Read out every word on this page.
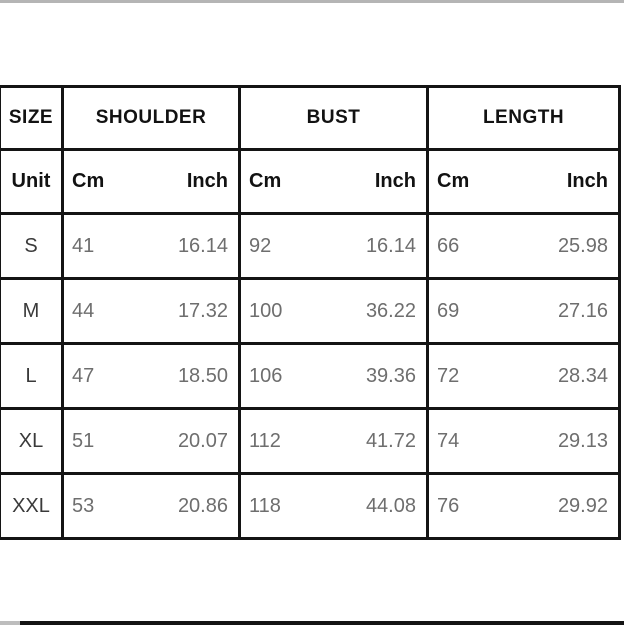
SIZE	SHOULDER	BUST	LENGTH
Unit	Cm Inch	Cm Inch	Cm Inch

S	41 16.14	92 16.14	66 25.98

M	44 17.32	100 36.22	69 27.16

L	47 18.50	106 39.36	72 28.34

XL	51 20.07	112 41.72	74 29.13

XXL	53 20.86	118 44.08	76 29.92
